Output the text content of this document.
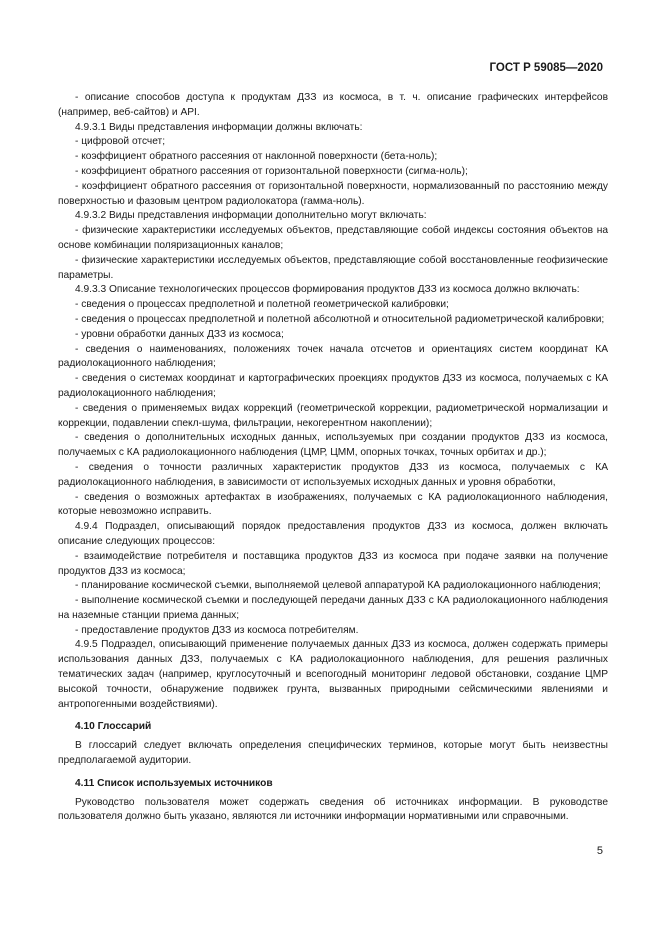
ГОСТ Р 59085—2020

- описание способов доступа к продуктам ДЗЗ из космоса, в т. ч. описание графических интерфейсов (например, веб-сайтов) и API.

4.9.3.1 Виды представления информации должны включать:

- цифровой отсчет;

- коэффициент обратного рассеяния от наклонной поверхности (бета-ноль);

- коэффициент обратного рассеяния от горизонтальной поверхности (сигма-ноль);

- коэффициент обратного рассеяния от горизонтальной поверхности, нормализованный по расстоянию между поверхностью и фазовым центром радиолокатора (гамма-ноль).

4.9.3.2 Виды представления информации дополнительно могут включать:

- физические характеристики исследуемых объектов, представляющие собой индексы состояния объектов на основе комбинации поляризационных каналов;

- физические характеристики исследуемых объектов, представляющие собой восстановленные геофизические параметры.

4.9.3.3 Описание технологических процессов формирования продуктов ДЗЗ из космоса должно включать:

- сведения о процессах предполетной и полетной геометрической калибровки;

- сведения о процессах предполетной и полетной абсолютной и относительной радиометрической калибровки;

- уровни обработки данных ДЗЗ из космоса;

- сведения о наименованиях, положениях точек начала отсчетов и ориентациях систем координат КА радиолокационного наблюдения;

- сведения о системах координат и картографических проекциях продуктов ДЗЗ из космоса, получаемых с КА радиолокационного наблюдения;

- сведения о применяемых видах коррекций (геометрической коррекции, радиометрической нормализации и коррекции, подавлении спекл-шума, фильтрации, некогерентном накоплении);

- сведения о дополнительных исходных данных, используемых при создании продуктов ДЗЗ из космоса, получаемых с КА радиолокационного наблюдения (ЦМР, ЦММ, опорных точках, точных орбитах и др.);

- сведения о точности различных характеристик продуктов ДЗЗ из космоса, получаемых с КА радиолокационного наблюдения, в зависимости от используемых исходных данных и уровня обработки,

- сведения о возможных артефактах в изображениях, получаемых с КА радиолокационного наблюдения, которые невозможно исправить.

4.9.4 Подраздел, описывающий порядок предоставления продуктов ДЗЗ из космоса, должен включать описание следующих процессов:

- взаимодействие потребителя и поставщика продуктов ДЗЗ из космоса при подаче заявки на получение продуктов ДЗЗ из космоса;

- планирование космической съемки, выполняемой целевой аппаратурой КА радиолокационного наблюдения;

- выполнение космической съемки и последующей передачи данных ДЗЗ с КА радиолокационного наблюдения на наземные станции приема данных;

- предоставление продуктов ДЗЗ из космоса потребителям.

4.9.5 Подраздел, описывающий применение получаемых данных ДЗЗ из космоса, должен содержать примеры использования данных ДЗЗ, получаемых с КА радиолокационного наблюдения, для решения различных тематических задач (например, круглосуточный и всепогодный мониторинг ледовой обстановки, создание ЦМР высокой точности, обнаружение подвижек грунта, вызванных природными сейсмическими явлениями и антропогенными воздействиями).

4.10 Глоссарий

В глоссарий следует включать определения специфических терминов, которые могут быть неизвестны предполагаемой аудитории.

4.11 Список используемых источников

Руководство пользователя может содержать сведения об источниках информации. В руководстве пользователя должно быть указано, являются ли источники информации нормативными или справочными.

5
